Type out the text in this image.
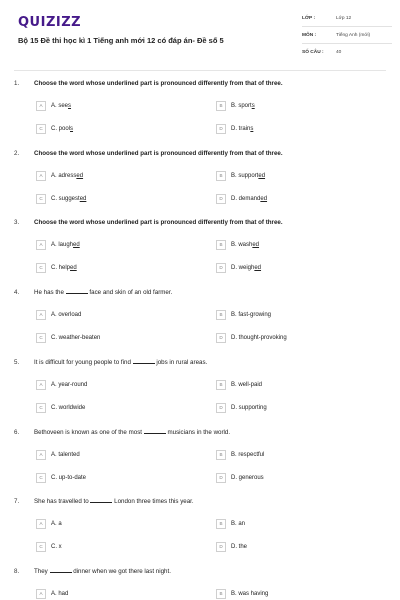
QUIZIZZ
Bộ 15 Đề thi học kì 1 Tiếng anh mới 12 có đáp án- Đề số 5
LỚP :	Lớp 12
MÔN :	Tiếng Anh (mới)
SỐ CÂU :	40
1. Choose the word whose underlined part is pronounced differently from that of three.
A	A. sees	B	B. sports
C	C. pools	D	D. trains
2. Choose the word whose underlined part is pronounced differently from that of three.
A	A. adressed	B	B. supported
C	C. suggested	D	D. demanded
3. Choose the word whose underlined part is pronounced differently from that of three.
A	A. laughed	B	B. washed
C	C. helped	D	D. weighed
4. He has the	face and skin of an old farmer.
A	A. overload	B	B. fast-growing
C	C. weather-beaten	D	D. thought-provoking
5. It is difficult for young people to find	jobs in rural areas.
A	A. year-round	B	B. well-paid
C	C. worldwide	D	D. supporting
6. Bethoveen is known as one of the most	musicians in the world.
A	A. talented	B	B. respectful
C	C. up-to-date	D	D. generous
7. She has travelled to	London three times this year.
A	A. a	B	B. an
C	C. x	D	D. the
8. They	dinner when we got there last night.
A	A. had	B	B. was having
